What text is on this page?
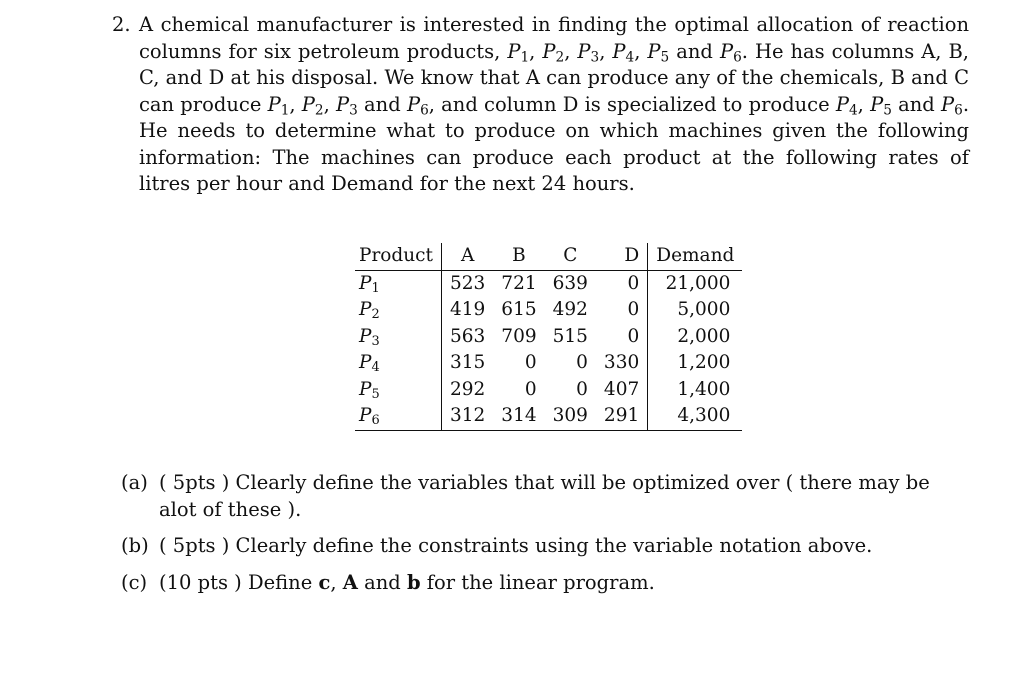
2. A chemical manufacturer is interested in finding the optimal allocation of reaction columns for six petroleum products, $P_1$, $P_2$, $P_3$, $P_4$, $P_5$ and $P_6$. He has columns A, B, C, and D at his disposal. We know that A can produce any of the chemicals, B and C can produce $P_1$, $P_2$, $P_3$ and $P_6$, and column D is specialized to produce $P_4$, $P_5$ and $P_6$. He needs to determine what to produce on which machines given the following information: The machines can produce each product at the following rates of litres per hour and Demand for the next 24 hours.
Product	A	B	C	D	Demand
$P_1$	523	721	639	0	21,000
$P_2$	419	615	492	0	5,000
$P_3$	563	709	515	0	2,000
$P_4$	315	0	0	330	1,200
$P_5$	292	0	0	407	1,400
$P_6$	312	314	309	291	4,300
(a) ( 5pts ) Clearly define the variables that will be optimized over ( there may be alot of these ).
(b) ( 5pts ) Clearly define the constraints using the variable notation above.
(c) (10 pts ) Define c, A and b for the linear program.
